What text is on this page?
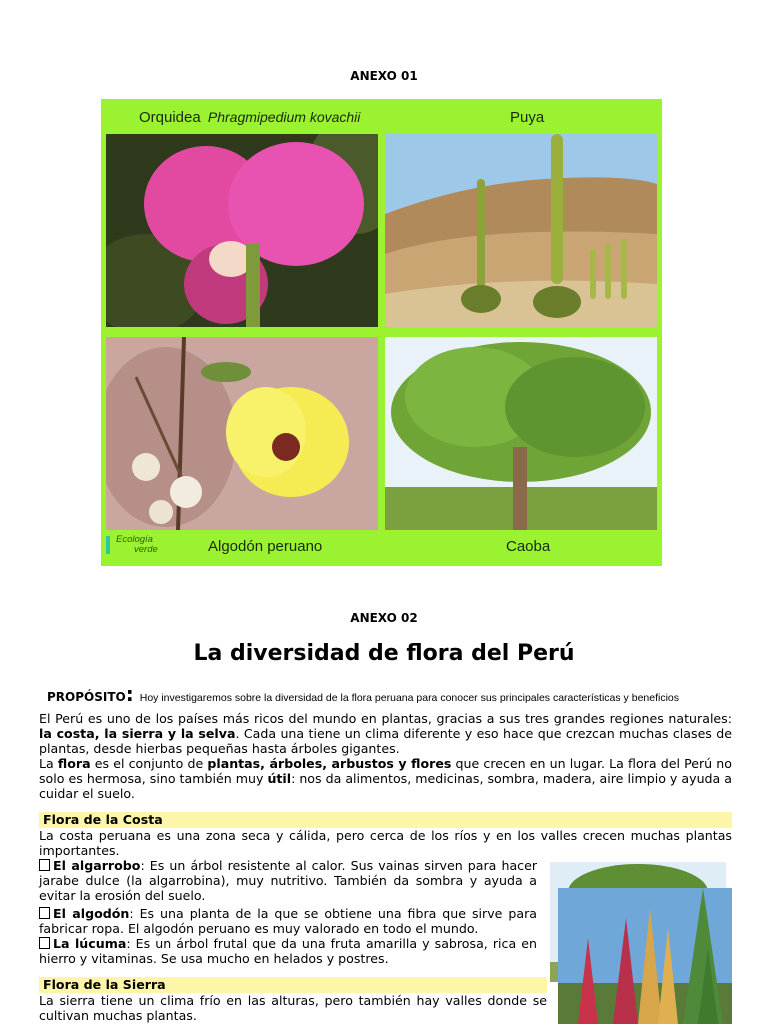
ANEXO 01
Orquidea Phragmipedium kovachii	Puya
Ecología
verde	Algodón peruano	Caoba
ANEXO 02
La diversidad de flora del Perú
PROPÓSITO: Hoy investigaremos sobre la diversidad de la flora peruana para conocer sus principales características y beneficios
El Perú es uno de los países más ricos del mundo en plantas, gracias a sus tres grandes regiones naturales: la costa, la sierra y la selva. Cada una tiene un clima diferente y eso hace que crezcan muchas clases de plantas, desde hierbas pequeñas hasta árboles gigantes.
La flora es el conjunto de plantas, árboles, arbustos y flores que crecen en un lugar. La flora del Perú no solo es hermosa, sino también muy útil: nos da alimentos, medicinas, sombra, madera, aire limpio y ayuda a cuidar el suelo.
Flora de la Costa
La costa peruana es una zona seca y cálida, pero cerca de los ríos y en los valles crecen muchas plantas importantes.
El algarrobo: Es un árbol resistente al calor. Sus vainas sirven para hacer jarabe dulce (la algarrobina), muy nutritivo. También da sombra y ayuda a evitar la erosión del suelo.
El algodón: Es una planta de la que se obtiene una fibra que sirve para fabricar ropa. El algodón peruano es muy valorado en todo el mundo.
La lúcuma: Es un árbol frutal que da una fruta amarilla y sabrosa, rica en hierro y vitaminas. Se usa mucho en helados y postres.
Flora de la Sierra
La sierra tiene un clima frío en las alturas, pero también hay valles donde se cultivan muchas plantas.
